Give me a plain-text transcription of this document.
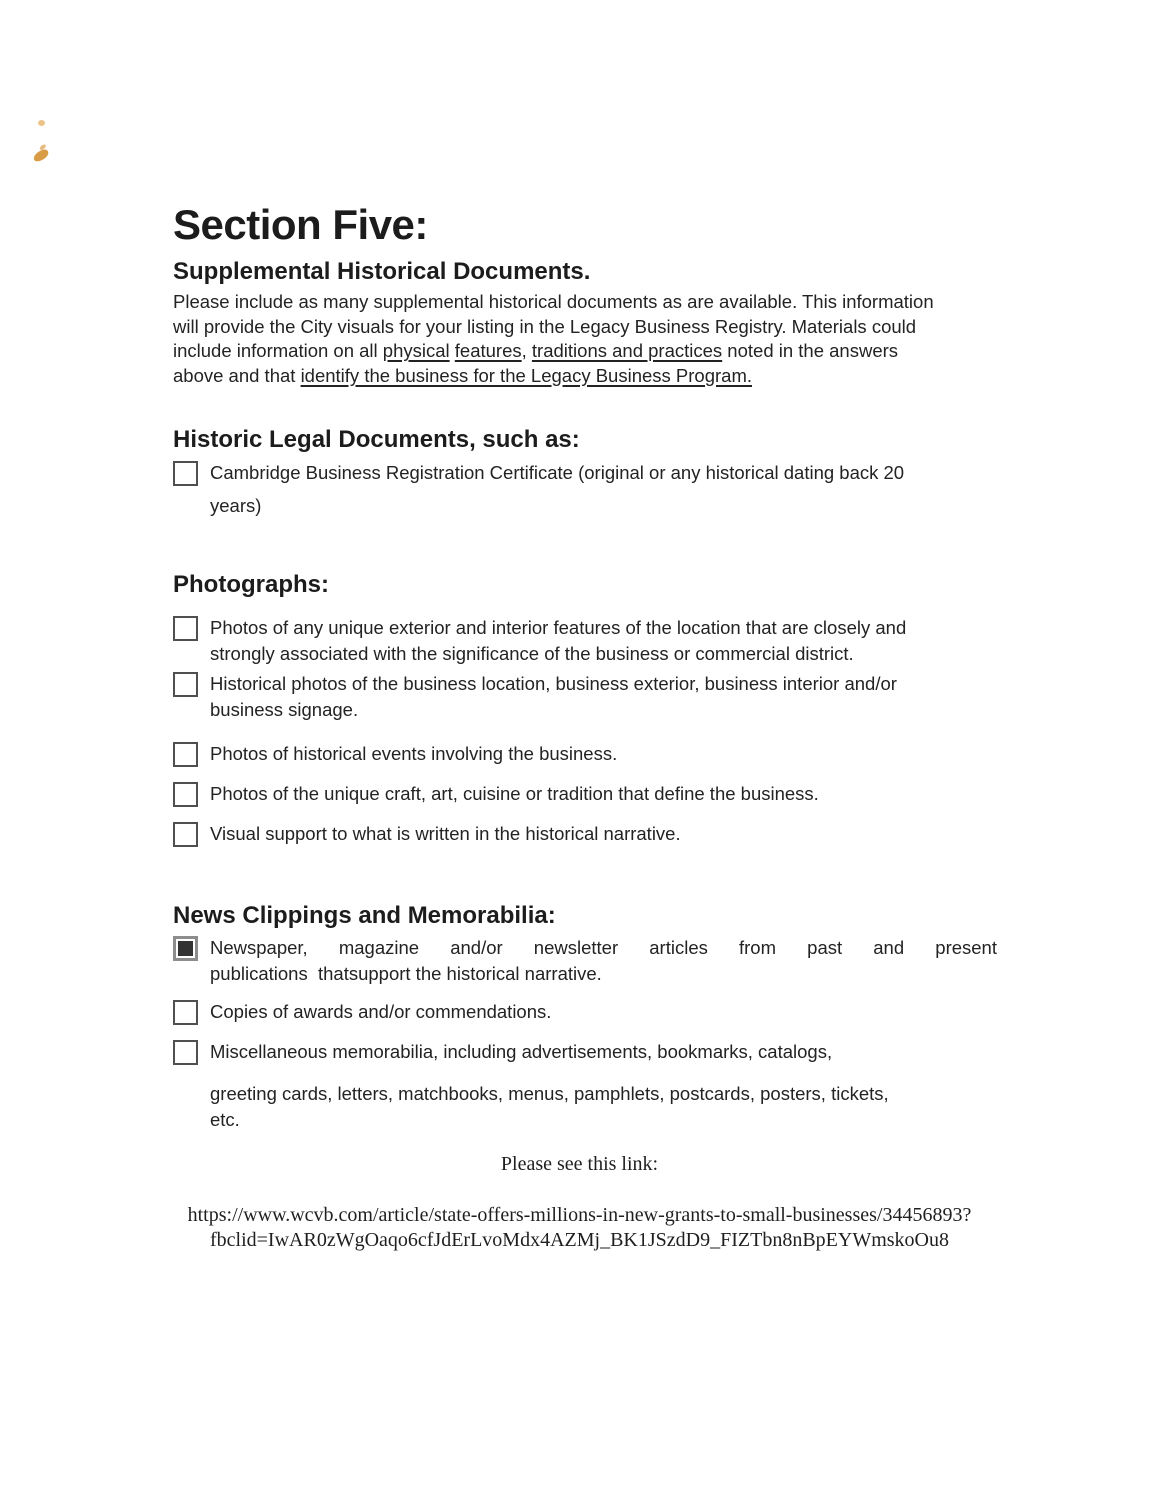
Section Five:
Supplemental Historical Documents.
Please include as many supplemental historical documents as are available. This information
will provide the City visuals for your listing in the Legacy Business Registry. Materials could
include information on all physical features, traditions and practices noted in the answers
above and that identify the business for the Legacy Business Program.
Historic Legal Documents, such as:
Cambridge Business Registration Certificate (original or any historical dating back 20
years)
Photographs:
Photos of any unique exterior and interior features of the location that are closely and
strongly associated with the significance of the business or commercial district.
Historical photos of the business location, business exterior, business interior and/or
business signage.
Photos of historical events involving the business.
Photos of the unique craft, art, cuisine or tradition that define the business.
Visual support to what is written in the historical narrative.
News Clippings and Memorabilia:
Newspaper, magazine and/or newsletter articles from past and present
publications  thatsupport the historical narrative.
Copies of awards and/or commendations.
Miscellaneous memorabilia, including advertisements, bookmarks, catalogs,
greeting cards, letters, matchbooks, menus, pamphlets, postcards, posters, tickets,
etc.
Please see this link:
https://www.wcvb.com/article/state-offers-millions-in-new-grants-to-small-businesses/34456893?
fbclid=IwAR0zWgOaqo6cfJdErLvoMdx4AZMj_BK1JSzdD9_FIZTbn8nBpEYWmskoOu8
